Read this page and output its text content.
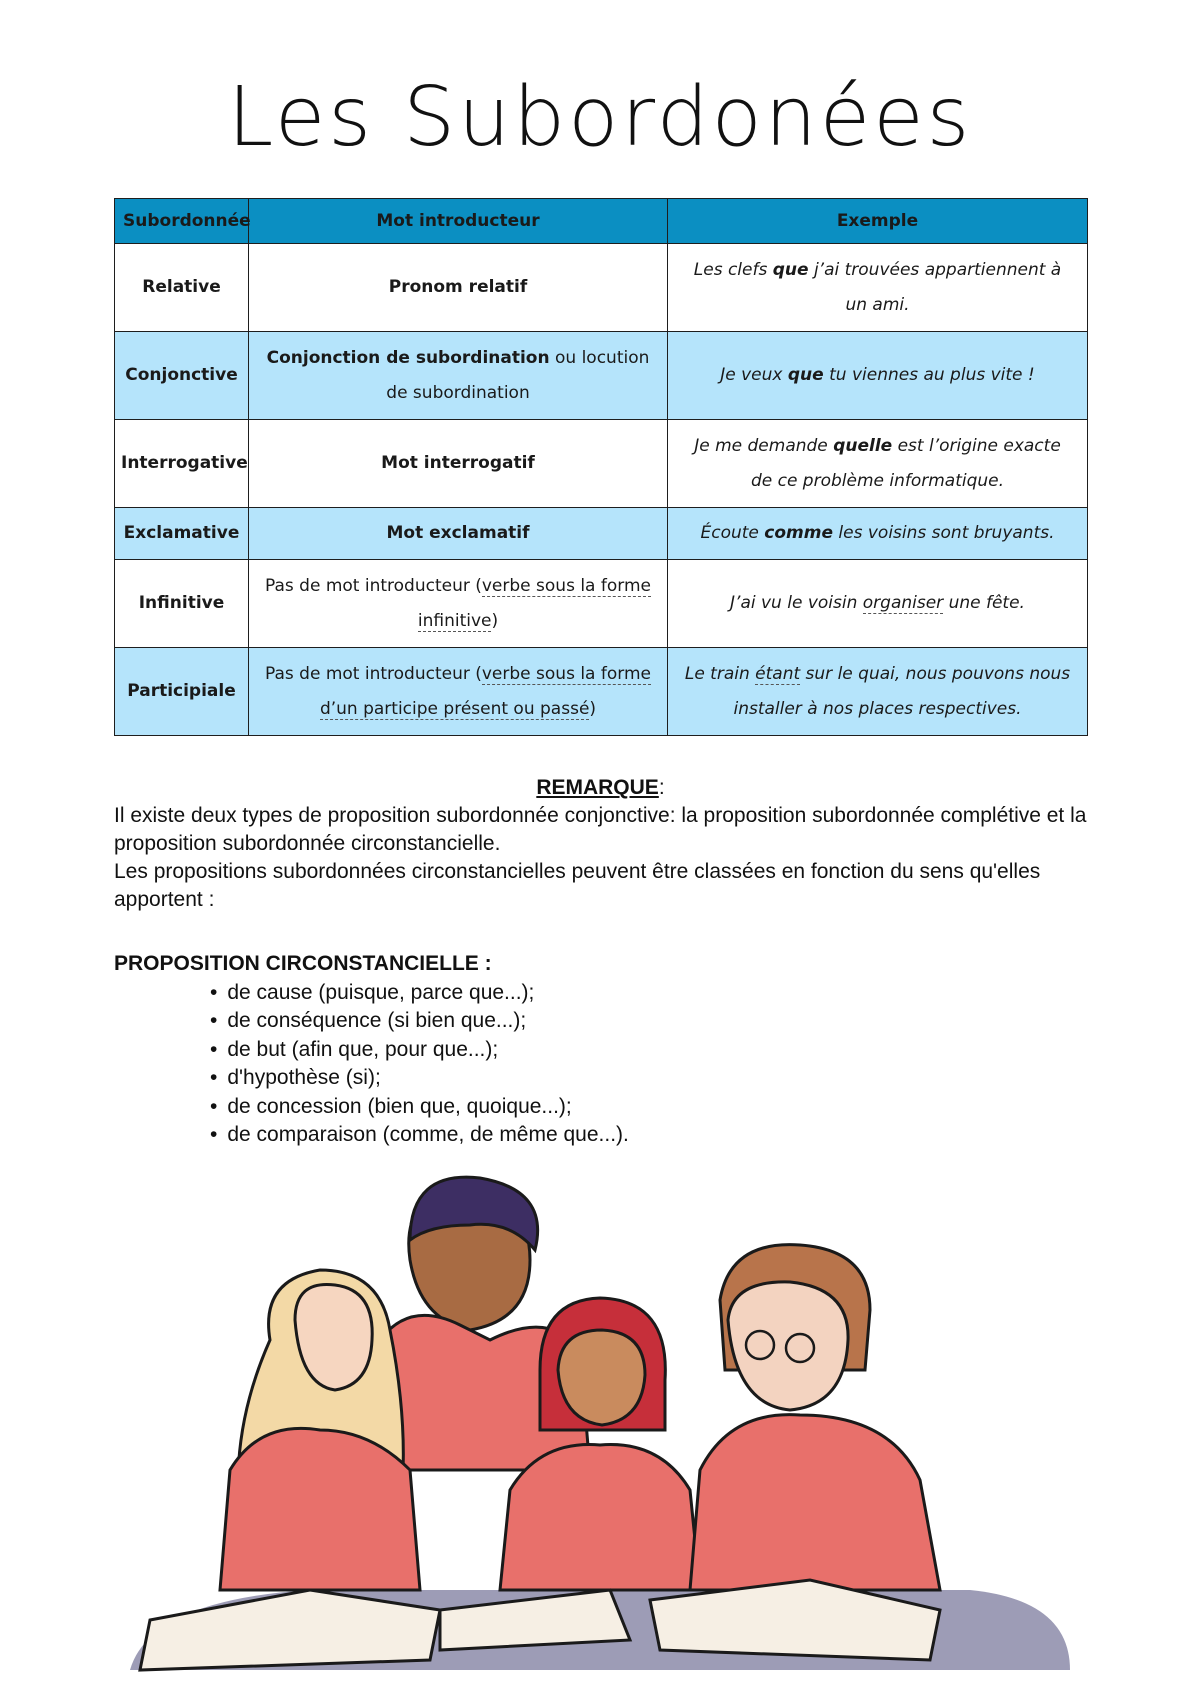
Les Subordonées
Subordonnée	Mot introducteur	Exemple
Relative	Pronom relatif	Les clefs que j’ai trouvées appartiennent à un ami.
Conjonctive	Conjonction de subordination ou locution de subordination	Je veux que tu viennes au plus vite !
Interrogative	Mot interrogatif	Je me demande quelle est l’origine exacte de ce problème informatique.
Exclamative	Mot exclamatif	Écoute comme les voisins sont bruyants.
Infinitive	Pas de mot introducteur (verbe sous la forme infinitive)	J’ai vu le voisin organiser une fête.
Participiale	Pas de mot introducteur (verbe sous la forme d’un participe présent ou passé)	Le train étant sur le quai, nous pouvons nous installer à nos places respectives.
REMARQUE:
Il existe deux types de proposition subordonnée conjonctive: la proposition subordonnée complétive et la proposition subordonnée circonstancielle.
Les propositions subordonnées circonstancielles peuvent être classées en fonction du sens qu'elles apportent :
PROPOSITION CIRCONSTANCIELLE :
• de cause (puisque, parce que...);
• de conséquence (si bien que...);
• de but (afin que, pour que...);
• d'hypothèse (si);
• de concession (bien que, quoique...);
• de comparaison (comme, de même que...).
